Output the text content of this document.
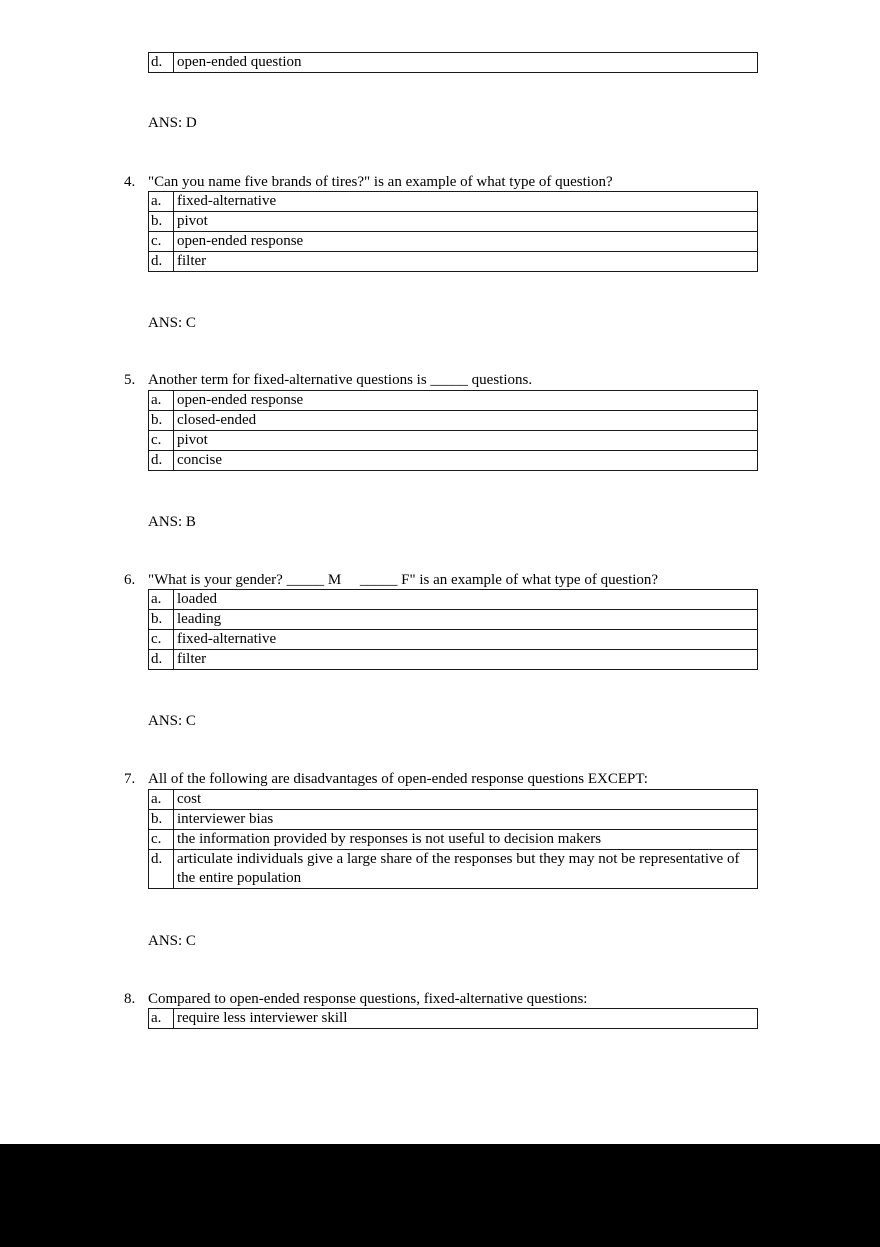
d.	open-ended question
ANS: D
4. "Can you name five brands of tires?" is an example of what type of question?
a.	fixed-alternative
b.	pivot
c.	open-ended response
d.	filter
ANS: C
5. Another term for fixed-alternative questions is _____ questions.
a.	open-ended response
b.	closed-ended
c.	pivot
d.	concise
ANS: B
6. "What is your gender? _____ M     _____ F" is an example of what type of question?
a.	loaded
b.	leading
c.	fixed-alternative
d.	filter
ANS: C
7. All of the following are disadvantages of open-ended response questions EXCEPT:
a.	cost
b.	interviewer bias
c.	the information provided by responses is not useful to decision makers
d.	articulate individuals give a large share of the responses but they may not be representative of the entire population
ANS: C
8. Compared to open-ended response questions, fixed-alternative questions:
a.	require less interviewer skill
